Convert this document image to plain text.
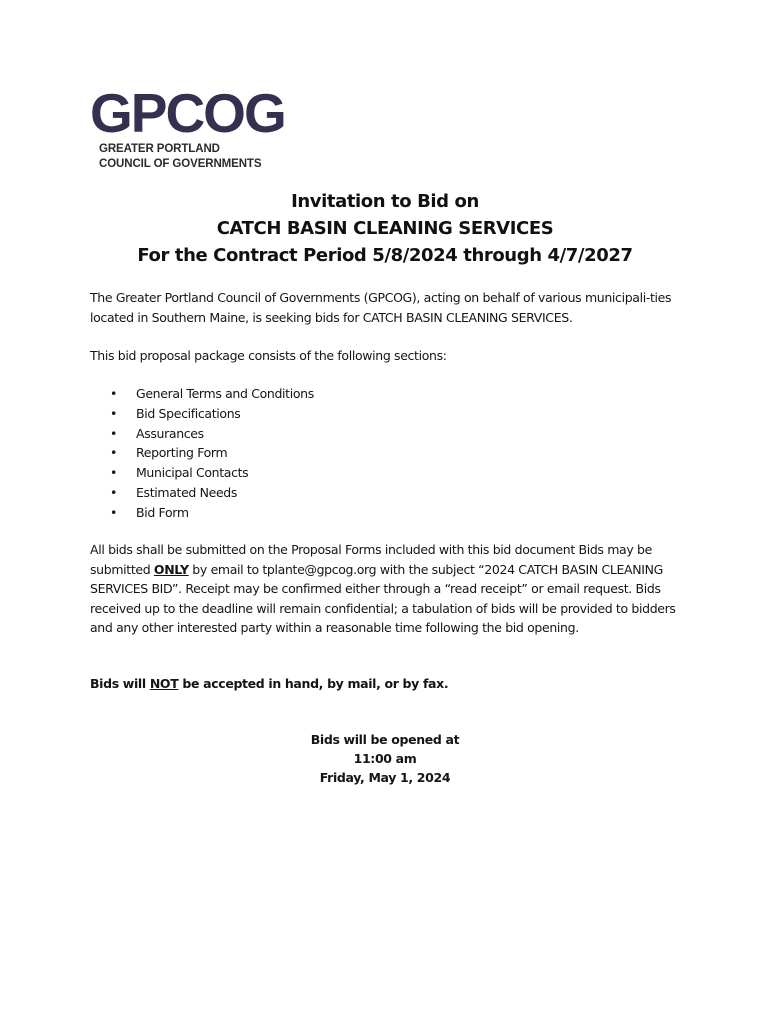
GPCOG
GREATER PORTLAND
COUNCIL OF GOVERNMENTS
Invitation to Bid on
CATCH BASIN CLEANING SERVICES
For the Contract Period 5/8/2024 through 4/7/2027
The Greater Portland Council of Governments (GPCOG), acting on behalf of various municipali-ties located in Southern Maine, is seeking bids for CATCH BASIN CLEANING SERVICES.
This bid proposal package consists of the following sections:
• General Terms and Conditions
• Bid Specifications
• Assurances
• Reporting Form
• Municipal Contacts
• Estimated Needs
• Bid Form
All bids shall be submitted on the Proposal Forms included with this bid document Bids may be submitted ONLY by email to tplante@gpcog.org with the subject “2024 CATCH BASIN CLEANING SERVICES BID”. Receipt may be confirmed either through a “read receipt” or email request. Bids received up to the deadline will remain confidential; a tabulation of bids will be provided to bidders and any other interested party within a reasonable time following the bid opening.
Bids will NOT be accepted in hand, by mail, or by fax.
Bids will be opened at
11:00 am
Friday, May 1, 2024
